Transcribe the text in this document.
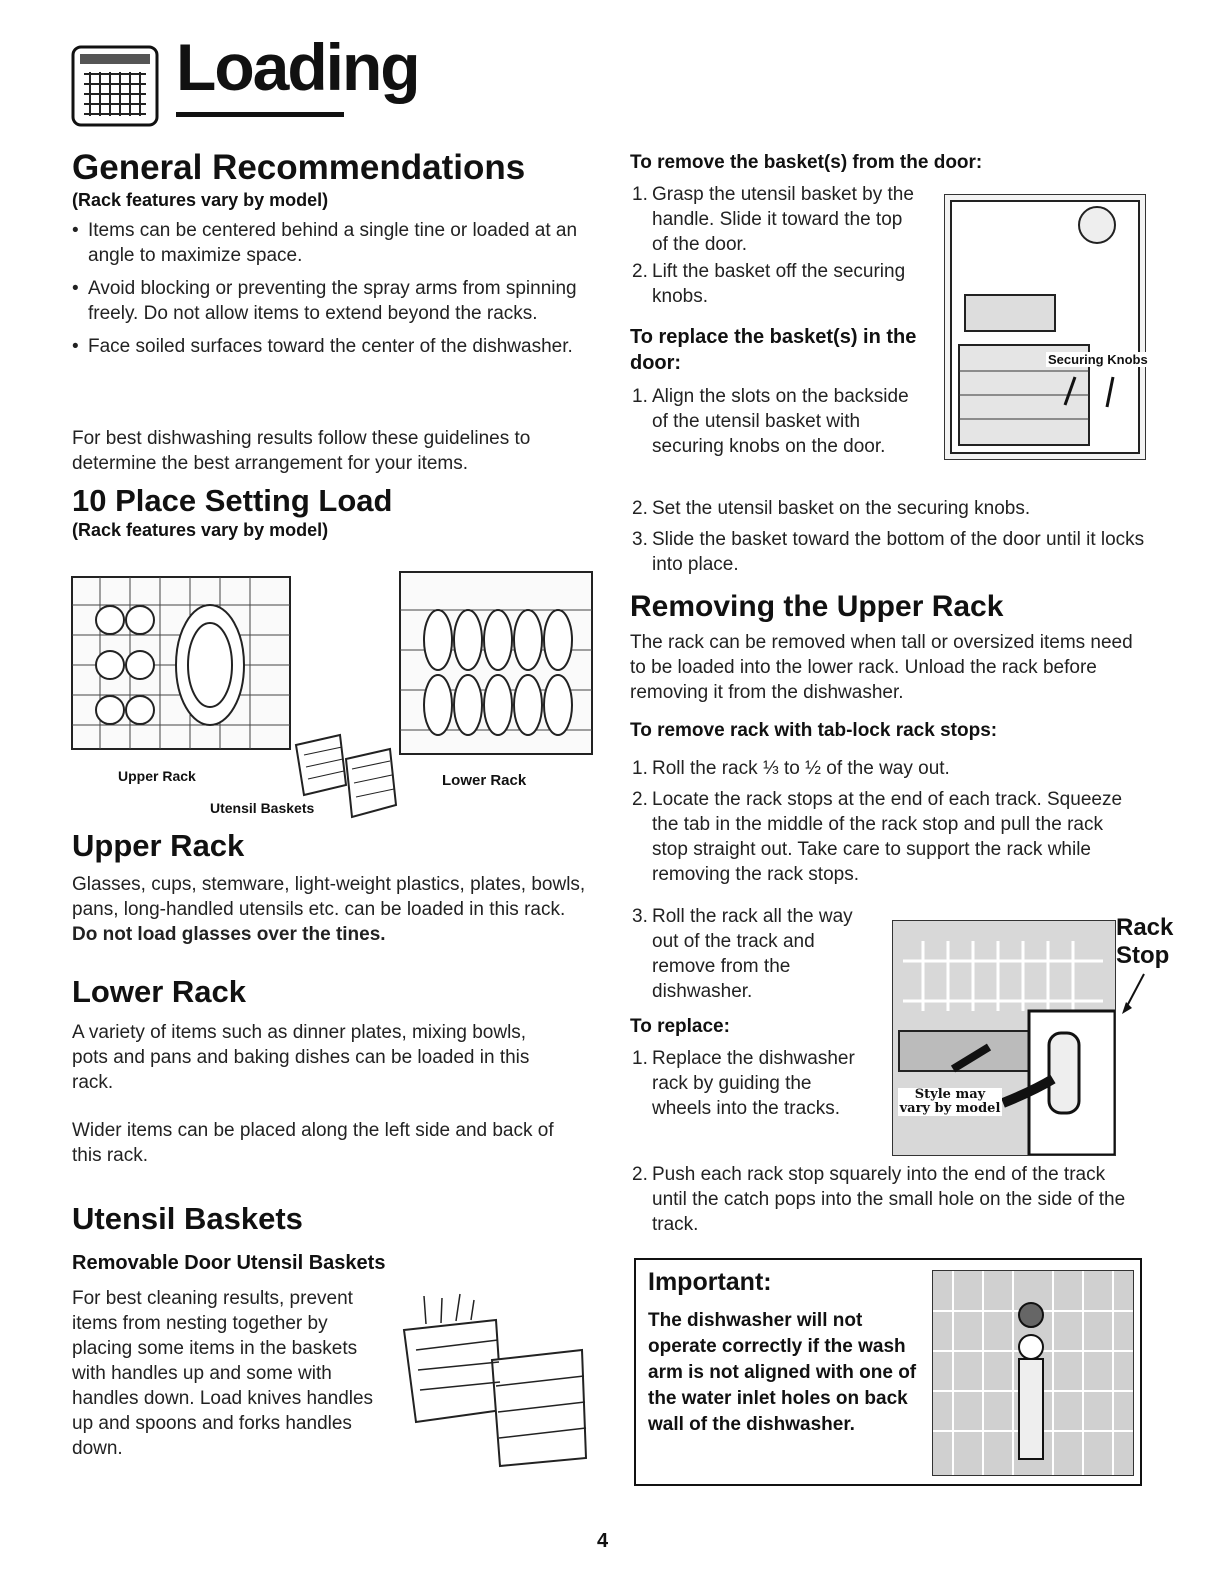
Loading
General Recommendations
(Rack features vary by model)
• Items can be centered behind a single tine or loaded at an angle to maximize space.
• Avoid blocking or preventing the spray arms from spinning freely. Do not allow items to extend beyond the racks.
• Face soiled surfaces toward the center of the dishwasher.
For best dishwashing results follow these guidelines to determine the best arrangement for your items.
10 Place Setting Load
(Rack features vary by model)
Upper Rack
Utensil Baskets
Lower Rack
Upper Rack
Glasses, cups, stemware, light-weight plastics, plates, bowls, pans, long-handled utensils etc. can be loaded in this rack. Do not load glasses over the tines.
Lower Rack
A variety of items such as dinner plates, mixing bowls, pots and pans and baking dishes can be loaded in this rack.
Wider items can be placed along the left side and back of this rack.
Utensil Baskets
Removable Door Utensil Baskets
For best cleaning results, prevent items from nesting together by placing some items in the baskets with handles up and some with handles down. Load knives handles up and spoons and forks handles down.
To remove the basket(s) from the door:
1. Grasp the utensil basket by the handle. Slide it toward the top of the door.
2. Lift the basket off the securing knobs.
To replace the basket(s) in the door:
1. Align the slots on the backside of the utensil basket with securing knobs on the door.
2. Set the utensil basket on the securing knobs.
3. Slide the basket toward the bottom of the door until it locks into place.
Securing Knobs
Removing the Upper Rack
The rack can be removed when tall or oversized items need to be loaded into the lower rack. Unload the rack before removing it from the dishwasher.
To remove rack with tab-lock rack stops:
1. Roll the rack ⅓ to ½ of the way out.
2. Locate the rack stops at the end of each track. Squeeze the tab in the middle of the rack stop and pull the rack stop straight out. Take care to support the rack while removing the rack stops.
3. Roll the rack all the way out of the track and remove from the dishwasher.
To replace:
1. Replace the dishwasher rack by guiding the wheels into the tracks.
2. Push each rack stop squarely into the end of the track until the catch pops into the small hole on the side of the track.
Style may
vary by model
Rack
Stop
Important:
The dishwasher will not operate correctly if the wash arm is not aligned with one of the water inlet holes on back wall of the dishwasher.
4
